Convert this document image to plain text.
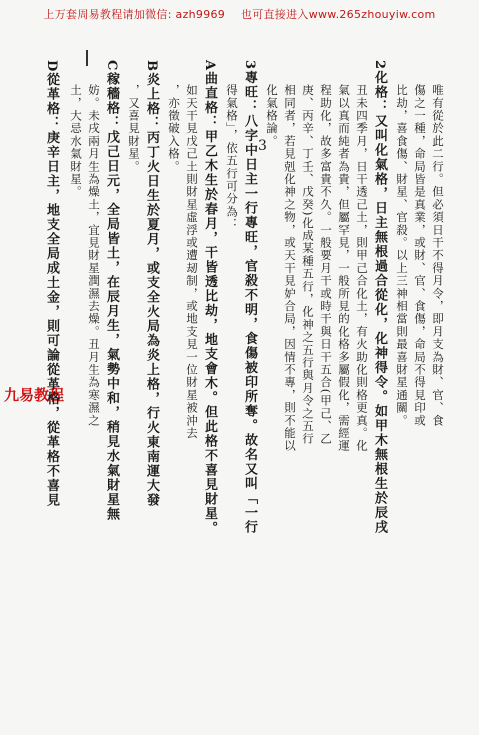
上万套周易教程请加微信: azh9969 也可直接进入www.265zhouyiw.com
3
九易教程	唯有從於此二行。但必須日干不得月令，即月支為財、官、食
傷之一種，命局皆是真業，或財、官、食傷，命局不得見印或
比劫，喜食傷、財星、官殺。以上三神相當則最喜財星通關。
2化格：又叫化氣格，日主無根過合從化，化神得令。如甲木無根生於辰戌
丑未四季月，日干透己土，則甲己合化土，有火助化則格更真。化
氣以真而純者為貴，但屬罕見，一般所見的化格多屬假化，需經運
程助化，故多富貴不久。一般要月干或時干與日干五合(甲己、乙
庚、丙辛、丁壬、戊癸)化成某種五行，化神之五行與月令之五行
相同者，若見剋化神之物，或天干見妒合局，因情不專，則不能以
化氣格論。
3專旺：八字中日主一行專旺，官殺不明，食傷被印所奪。故名又叫「一行
得氣格」，依五行可分為：
A曲直格：甲乙木生於春月，干皆透比劫，地支會木。但此格不喜見財星。
如天干見戊己土則財星虛浮或遭刼制，或地支見一位財星被沖去
，亦徵破入格。
B炎上格：丙丁火日生於夏月，或支全火局為炎上格，行火東南運大發
，又喜見財星。
C稼穡格：戊己日元，全局皆土，在辰月生，氣勢中和，稍見水氣財星無
妨。未戌兩月生為燥土，宜見財星潤濕去燥。丑月生為寒濕之
土，大忌水氣財星。
D從革格：庚辛日主，地支全局成土金，則可論從革格，從革格不喜見
